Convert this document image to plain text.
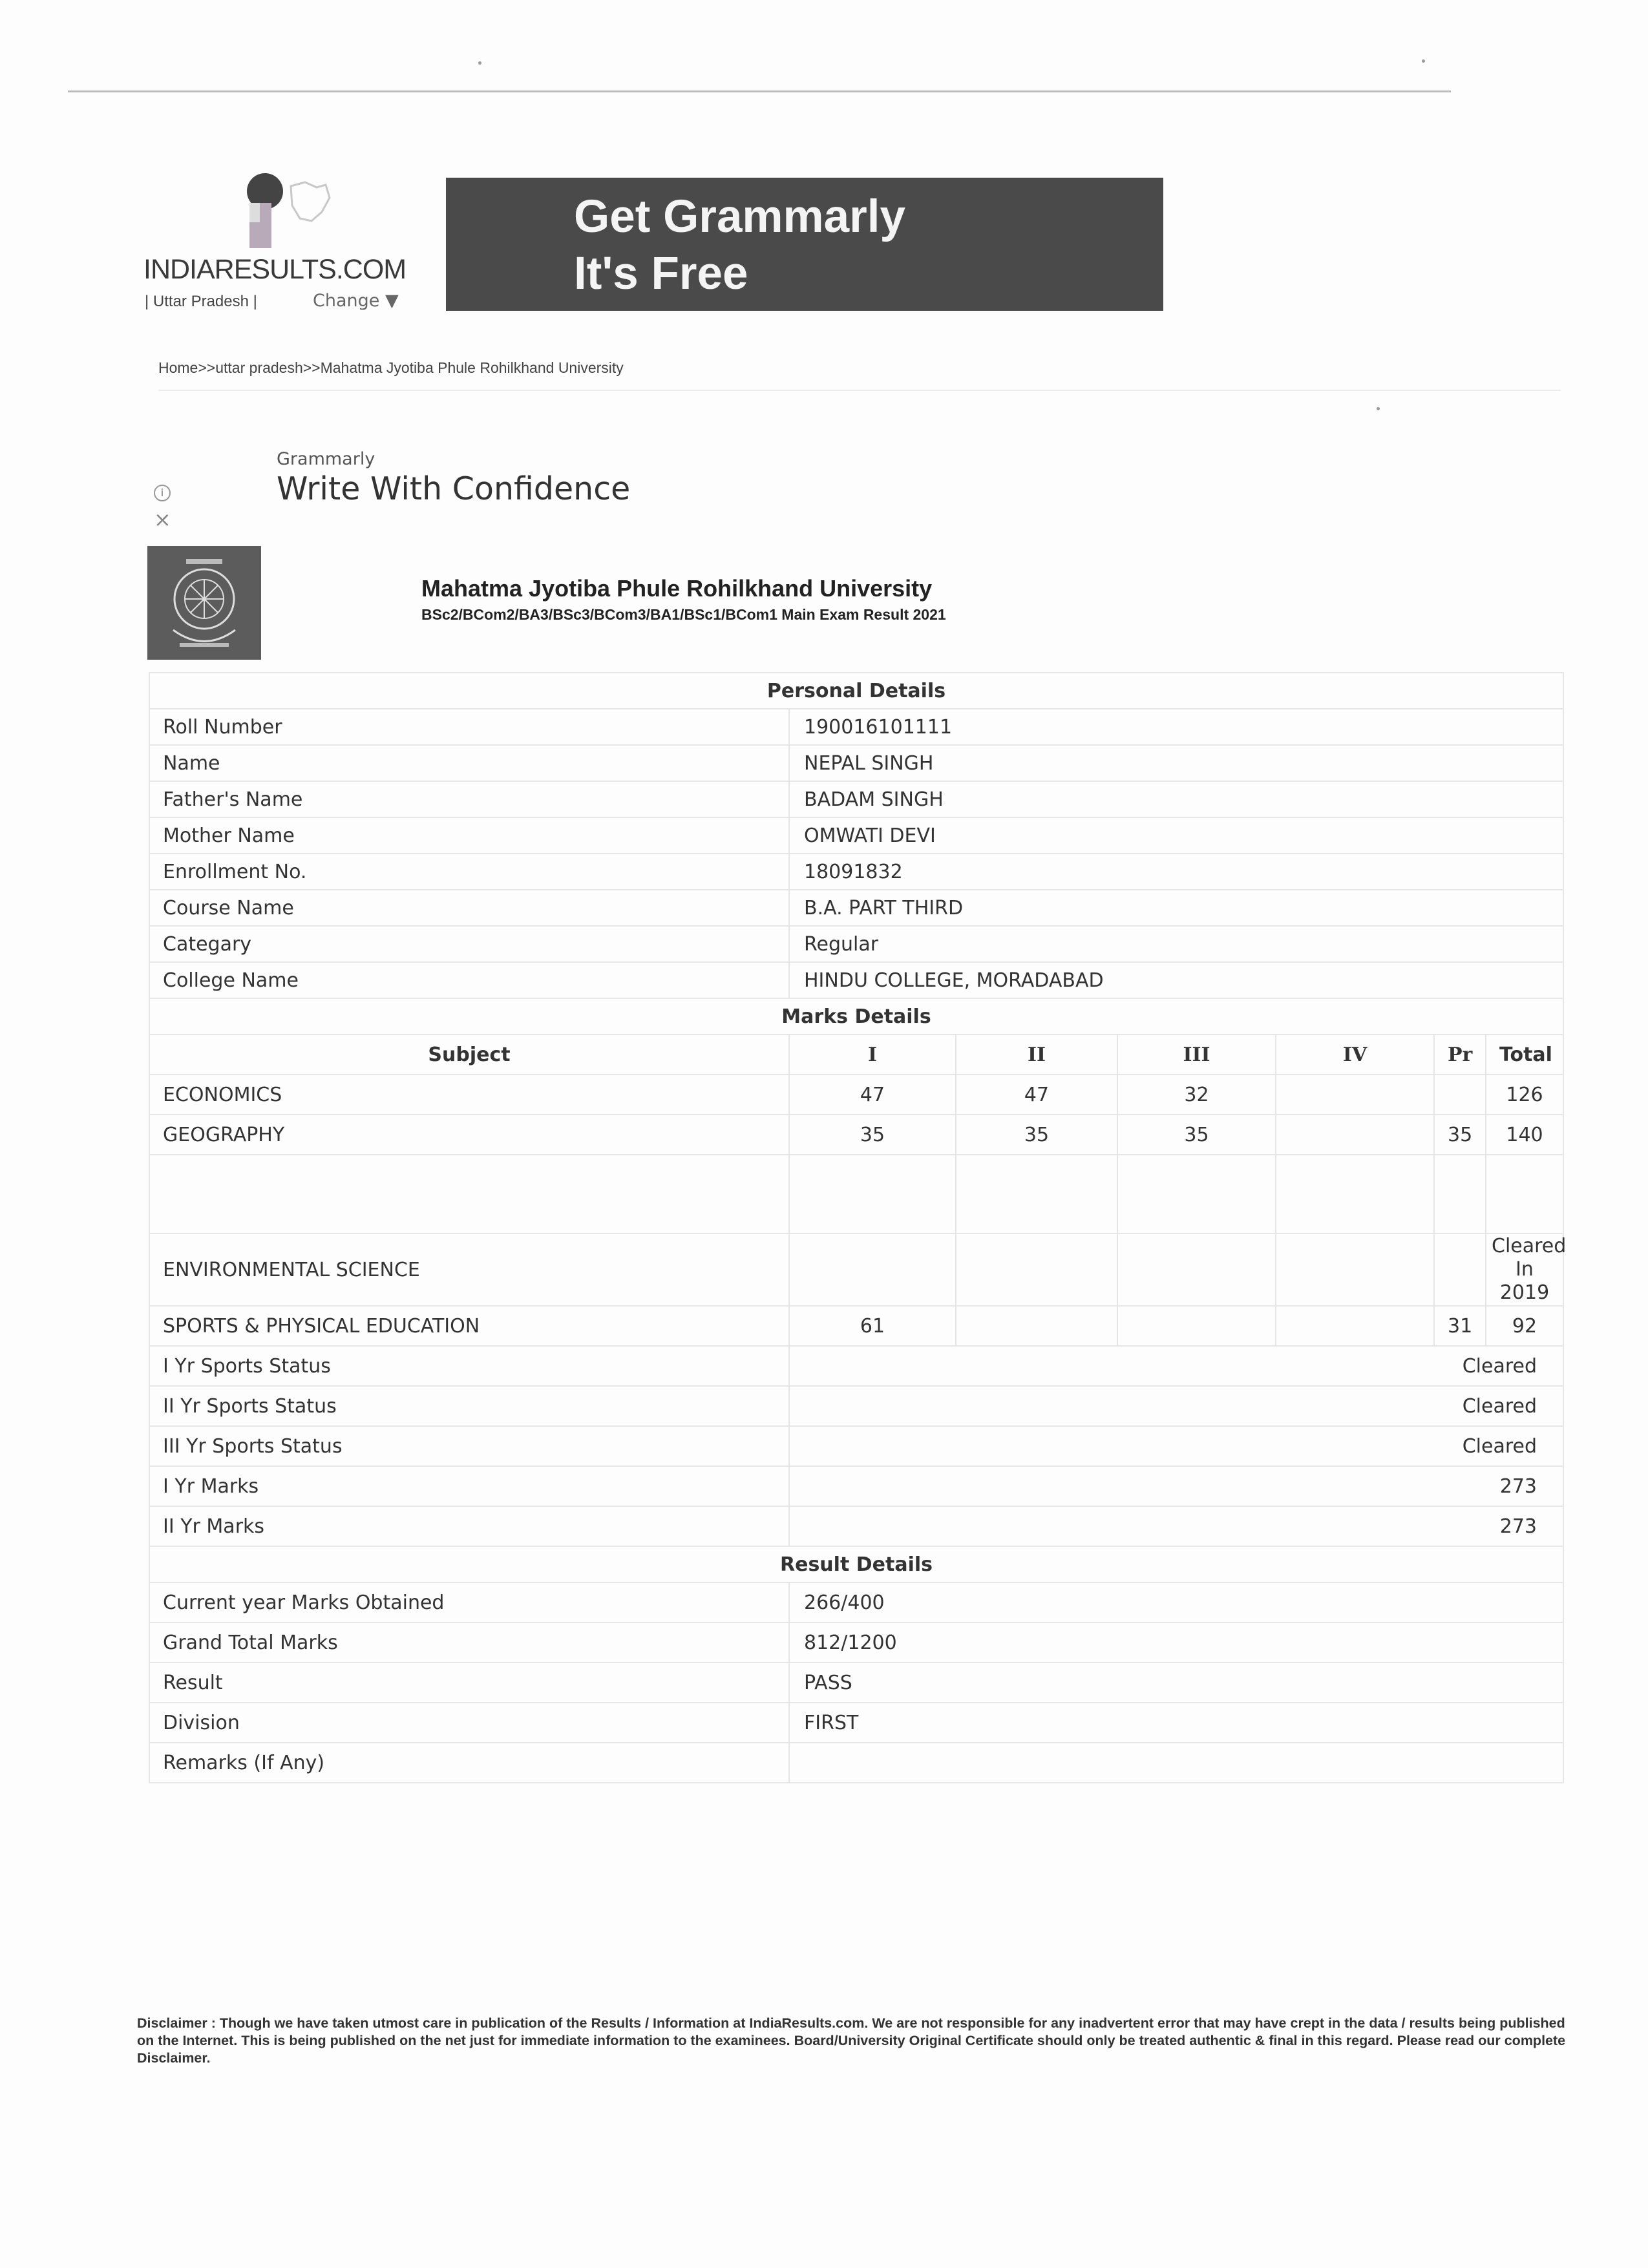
INDIARESULTS.COM
| Uttar Pradesh |	Change ▼
Get Grammarly
It's Free
Home>>uttar pradesh>>Mahatma Jyotiba Phule Rohilkhand University
Grammarly
Write With Confidence
i
×
Mahatma Jyotiba Phule Rohilkhand University
BSc2/BCom2/BA3/BSc3/BCom3/BA1/BSc1/BCom1 Main Exam Result 2021
Personal Details						
Roll Number	190016101111					
Name	NEPAL SINGH					
Father's Name	BADAM SINGH					
Mother Name	OMWATI DEVI					
Enrollment No.	18091832					
Course Name	B.A. PART THIRD					
Categary	Regular					
College Name	HINDU COLLEGE, MORADABAD					
Marks Details						
Subject	I	II	III	IV	Pr	Total
ECONOMICS	47	47	32			126
GEOGRAPHY	35	35	35		35	140

ENVIRONMENTAL SCIENCE						Cleared In 2019
SPORTS & PHYSICAL EDUCATION	61				31	92
I Yr Sports Status	Cleared					
II Yr Sports Status	Cleared					
III Yr Sports Status	Cleared					
I Yr Marks	273					
II Yr Marks	273					
Result Details						
Current year Marks Obtained	266/400					
Grand Total Marks	812/1200					
Result	PASS					
Division	FIRST					
Remarks (If Any)						
Disclaimer : Though we have taken utmost care in publication of the Results / Information at IndiaResults.com. We are not responsible for any inadvertent error that may have crept in the data / results being published on the Internet. This is being published on the net just for immediate information to the examinees. Board/University Original Certificate should only be treated authentic & final in this regard. Please read our complete Disclaimer.
